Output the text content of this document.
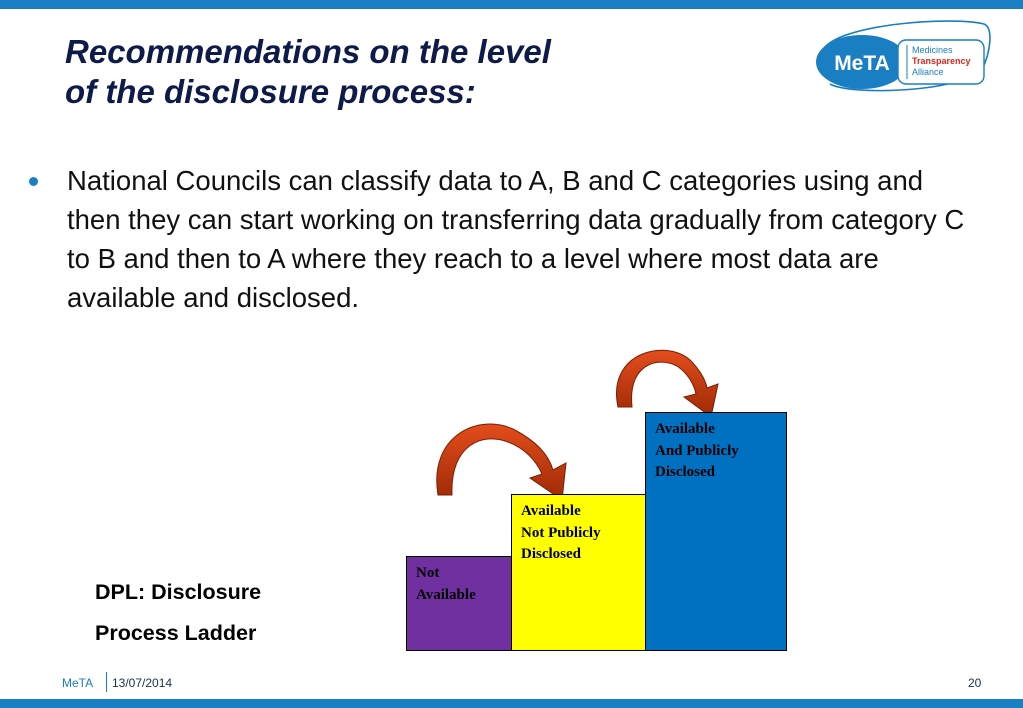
Recommendations on the level
of the disclosure process:
MeTA
Medicines
Transparency
Alliance

National Councils can classify data to A, B and C categories using and then they can start working on transferring data gradually from category C to B and then to A where they reach to a level where most data are available and disclosed.

Not
Available
Available
Not Publicly
Disclosed
Available
And Publicly
Disclosed
DPL: Disclosure
Process Ladder
MeTA 13/07/2014	20
